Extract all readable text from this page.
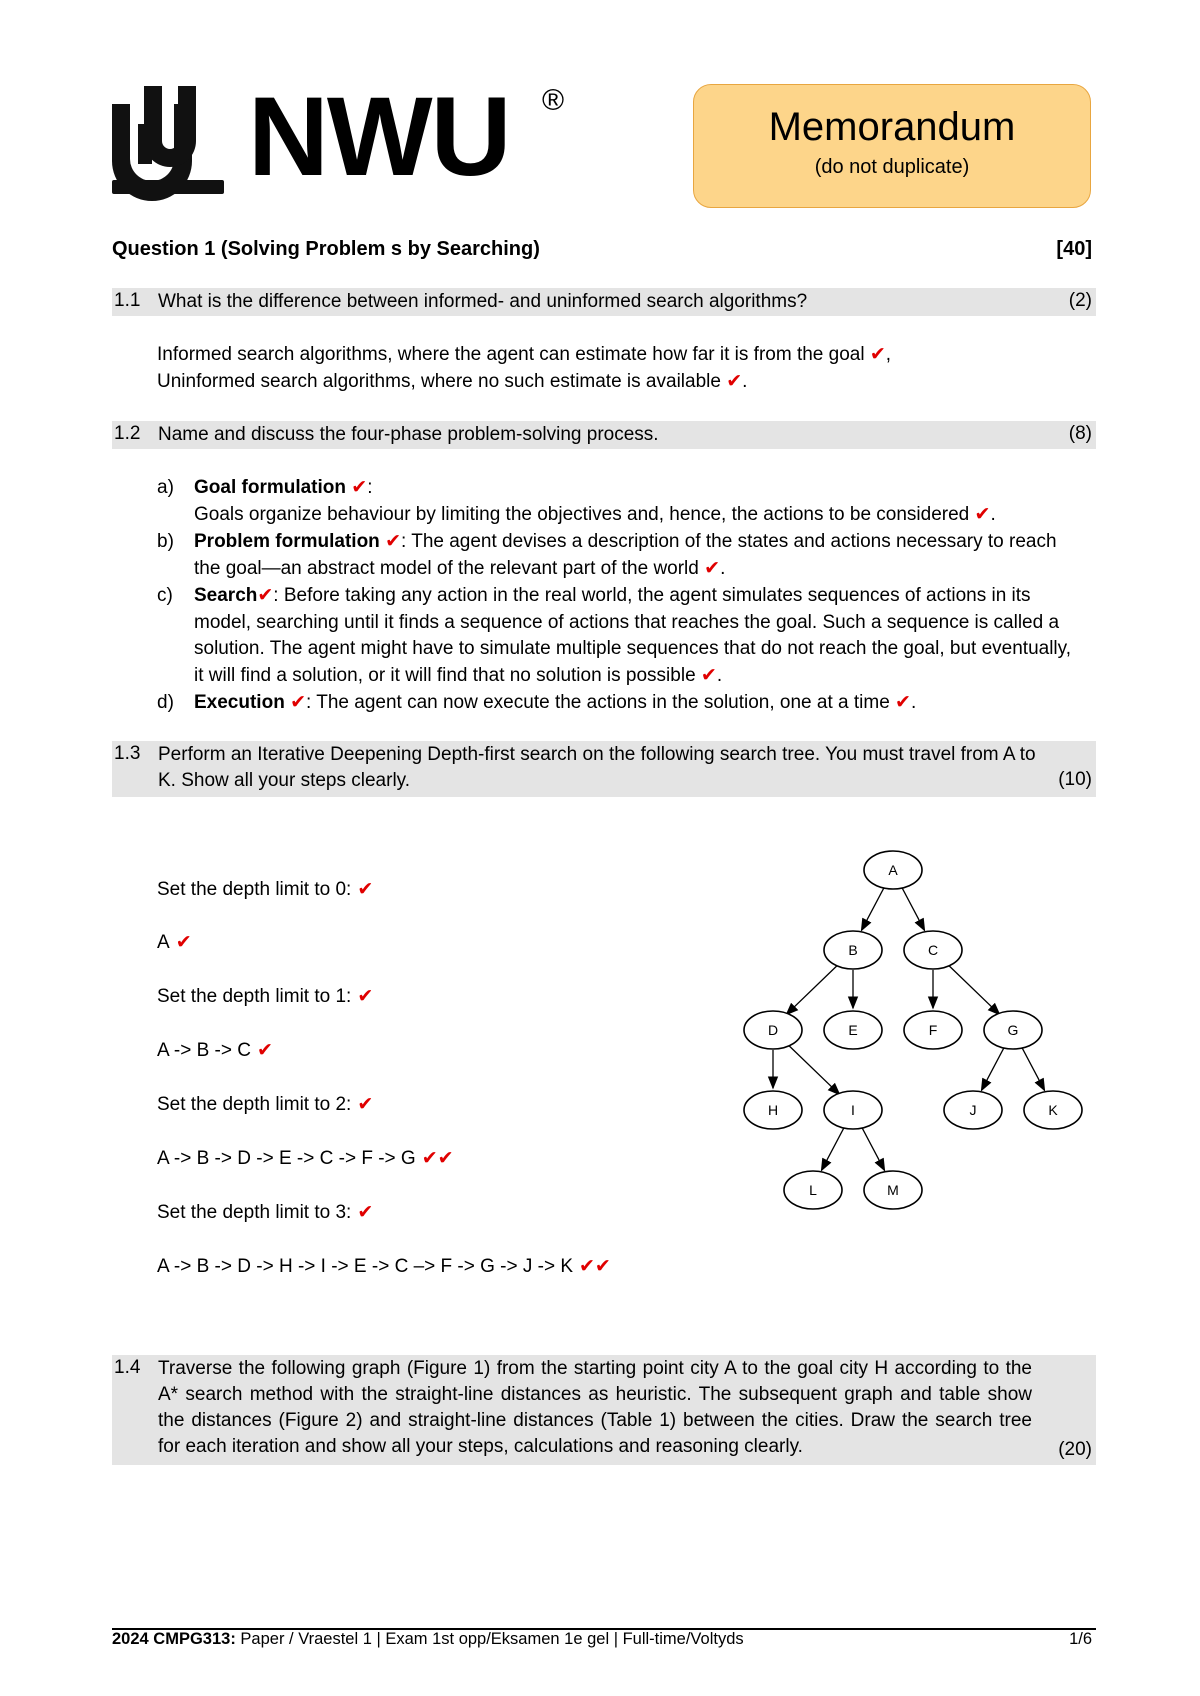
NWU ®
Memorandum
(do not duplicate)
Question 1 (Solving Problem s by Searching)	[40]
1.1 What is the difference between informed- and uninformed search algorithms?	(2)
Informed search algorithms, where the agent can estimate how far it is from the goal ✔,
Uninformed search algorithms, where no such estimate is available ✔.
1.2 Name and discuss the four-phase problem-solving process.	(8)
a) Goal formulation ✔:
Goals organize behaviour by limiting the objectives and, hence, the actions to be considered ✔.
b) Problem formulation ✔: The agent devises a description of the states and actions necessary to reach the goal—an abstract model of the relevant part of the world ✔.
c) Search✔: Before taking any action in the real world, the agent simulates sequences of actions in its model, searching until it finds a sequence of actions that reaches the goal. Such a sequence is called a solution. The agent might have to simulate multiple sequences that do not reach the goal, but eventually, it will find a solution, or it will find that no solution is possible ✔.
d) Execution ✔: The agent can now execute the actions in the solution, one at a time ✔.
1.3 Perform an Iterative Deepening Depth-first search on the following search tree. You must travel from A to
K. Show all your steps clearly.	(10)
Set the depth limit to 0: ✔
A ✔
Set the depth limit to 1: ✔
A -> B -> C ✔
Set the depth limit to 2: ✔
A -> B -> D -> E -> C -> F -> G ✔✔
Set the depth limit to 3: ✔
A -> B -> D -> H -> I -> E -> C –> F -> G -> J -> K ✔✔
A
B	C
D	E	F	G
H	I	J	K
L	M
1.4 Traverse the following graph (Figure 1) from the starting point city A to the goal city H according to the A* search method with the straight-line distances as heuristic. The subsequent graph and table show the distances (Figure 2) and straight-line distances (Table 1) between the cities. Draw the search tree for each iteration and show all your steps, calculations and reasoning clearly.	(20)
2024 CMPG313: Paper / Vraestel 1 | Exam 1st opp/Eksamen 1e gel | Full-time/Voltyds	1/6
